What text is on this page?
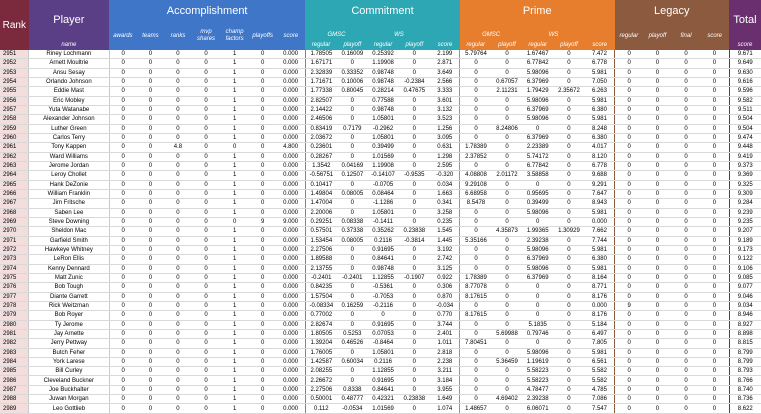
Rank	Player	Accomplishment							Commitment					Prime					Legacy				Total
		awards	teams	ranks	mvp shares	champ factors	playoffs	score	GMSC		WS			GMSC		WS			regular	playoff	final	score	
	name								regular	playoff	regular	playoff	score	regular	playoff	regular	playoff	score					score
2951	Riney Lochmann	0	0	0	0	1	0	0.000	1.78505	0.16009	0.25392	0	2.199	5.79764	0	1.67467	0	7.472	0	0	0	0	9.671
2952	Arnett Moultrie	0	0	0	0	1	0	0.000	1.67171	0	1.19908	0	2.871	0	0	6.77842	0	6.778	0	0	0	0	9.649
2953	Ansu Sesay	0	0	0	0	1	0	0.000	2.32839	0.33352	0.98748	0	3.649	0	0	5.98096	0	5.981	0	0	0	0	9.630
2954	Orlando Johnson	0	0	0	0	1	0	0.000	1.71671	0.10006	0.98748	-0.2384	2.566	0	0.67057	6.37969	0	7.050	0	0	0	0	9.616
2955	Eddie Mast	0	0	0	0	1	0	0.000	1.77338	0.80045	0.28214	0.47675	3.333	0	2.11231	1.79429	2.35672	6.263	0	0	0	0	9.596
2956	Eric Mobley	0	0	0	0	1	0	0.000	2.82507	0	0.77588	0	3.601	0	0	5.98096	0	5.981	0	0	0	0	9.582
2957	Yuta Watanabe	0	0	0	0	1	0	0.000	2.14422	0	0.98748	0	3.132	0	0	6.37969	0	6.380	0	0	0	0	9.511
2958	Alexander Johnson	0	0	0	0	1	0	0.000	2.46506	0	1.05801	0	3.523	0	0	5.98096	0	5.981	0	0	0	0	9.504
2959	Luther Green	0	0	0	0	1	0	0.000	0.83419	0.7179	-0.2962	0	1.256	0	8.24806	0	0	8.248	0	0	0	0	9.504
2960	Carlos Terry	0	0	0	0	1	0	0.000	2.03672	0	1.05801	0	3.095	0	0	6.37969	0	6.380	0	0	0	0	9.474
2961	Tony Kappen	0	0	4.8	0	0	0	4.800	0.23601	0	0.39499	0	0.631	1.78389	0	2.23389	0	4.017	0	0	0	0	9.448
2962	Ward Williams	0	0	0	0	1	0	0.000	0.28267	0	1.01569	0	1.298	2.37852	0	5.74172	0	8.120	0	0	0	0	9.419
2963	Jerome Jordan	0	0	0	0	1	0	0.000	1.3542	0.04169	1.19908	0	2.595	0	0	6.77842	0	6.778	0	0	0	0	9.373
2964	Leroy Chollet	0	0	0	0	1	0	0.000	-0.56751	0.12507	-0.14107	-0.9535	-0.320	4.08808	2.01172	3.58858	0	9.688	0	0	0	0	9.369
2965	Hank DeZonie	0	0	0	0	1	0	0.000	0.10417	0	-0.0705	0	0.034	9.29108	0	0	0	9.291	0	0	0	0	9.325
2966	William Franklin	0	0	0	0	1	0	0.000	1.49804	0.08005	0.08464	0	1.663	6.68958	0	0.95695	0	7.647	0	0	0	0	9.309
2967	Jim Fritsche	0	0	0	0	1	0	0.000	1.47004	0	-1.1286	0	0.341	8.5478	0	0.39499	0	8.943	0	0	0	0	9.284
2968	Saben Lee	0	0	0	0	1	0	0.000	2.20006	0	1.05801	0	3.258	0	0	5.98096	0	5.981	0	0	0	0	9.239
2969	Steve Downing	0	0	0	0	0	9	9.000	0.29251	0.08338	-0.1411	0	0.235	0	0	0	0	0.000	0	0	0	0	9.235
2970	Sheldon Mac	0	0	0	0	1	0	0.000	0.57501	0.37338	0.35262	0.23838	1.545	0	4.35873	1.99365	1.30929	7.662	0	0	0	0	9.207
2971	Garfield Smith	0	0	0	0	1	0	0.000	1.53454	0.08005	0.2116	-0.3814	1.445	5.35166	0	2.39238	0	7.744	0	0	0	0	9.189
2972	Hawkeye Whitney	0	0	0	0	1	0	0.000	2.27506	0	0.91695	0	3.192	0	0	5.98096	0	5.981	0	0	0	0	9.173
2973	LeRon Ellis	0	0	0	0	1	0	0.000	1.89588	0	0.84641	0	2.742	0	0	6.37969	0	6.380	0	0	0	0	9.122
2974	Kenny Dennard	0	0	0	0	1	0	0.000	2.13755	0	0.98748	0	3.125	0	0	5.98096	0	5.981	0	0	0	0	9.106
2975	Matt Zunic	0	0	0	0	1	0	0.000	-0.2401	-0.2401	1.12855	-0.1907	0.922	1.78389	0	6.37969	0	8.164	0	0	0	0	9.085
2976	Bob Tough	0	0	0	0	1	0	0.000	0.84235	0	-0.5361	0	0.306	8.77078	0	0	0	8.771	0	0	0	0	9.077
2977	Diante Garrett	0	0	0	0	1	0	0.000	1.57504	0	-0.7053	0	0.870	8.17615	0	0	0	8.176	0	0	0	0	9.046
2978	Rick Weitzman	0	0	0	0	1	0	0.000	-0.08334	0.16259	-0.2116	0	-0.034	0	0	0	0	0.000	9	0	0	0	9.034
2979	Bob Royer	0	0	0	0	1	0	0.000	0.77002	0	0	0	0.770	8.17615	0	0	0	8.176	0	0	0	0	8.946
2980	Ty Jerome	0	0	0	0	1	0	0.000	2.82674	0	0.91695	0	3.744	0	0	5.1835	0	5.184	0	0	0	0	8.927
2981	Jay Arnette	0	0	0	0	1	0	0.000	1.80505	0.5253	0.07053	0	2.401	0	5.69988	0.79746	0	6.497	0	0	0	0	8.898
2982	Jerry Pettway	0	0	0	0	1	0	0.000	1.39204	0.46526	-0.8464	0	1.011	7.80451	0	0	0	7.805	0	0	0	0	8.815
2983	Butch Feher	0	0	0	0	1	0	0.000	1.76005	0	1.05801	0	2.818	0	0	5.98096	0	5.981	0	0	0	0	8.799
2984	York Larese	0	0	0	0	1	0	0.000	1.42587	0.60034	0.2116	0	2.238	0	5.36459	1.19619	0	6.561	0	0	0	0	8.799
2985	Bill Curley	0	0	0	0	1	0	0.000	2.08255	0	1.12855	0	3.211	0	0	5.58223	0	5.582	0	0	0	0	8.793
2986	Cleveland Buckner	0	0	0	0	1	0	0.000	2.26672	0	0.91695	0	3.184	0	0	5.58223	0	5.582	0	0	0	0	8.766
2987	Joe Buckhalter	0	0	0	0	1	0	0.000	2.27506	0.8338	0.84641	0	3.955	0	0	4.78477	0	4.785	0	0	0	0	8.740
2988	Juwan Morgan	0	0	0	0	1	0	0.000	0.50001	0.48777	0.42321	0.23838	1.649	0	4.69402	2.39238	0	7.086	0	0	0	0	8.736
2989	Leo Gottlieb	0	0	0	0	1	0	0.000	0.112	-0.0534	1.01569	0	1.074	1.48657	0	6.06071	0	7.547	0	0	0	0	8.622
